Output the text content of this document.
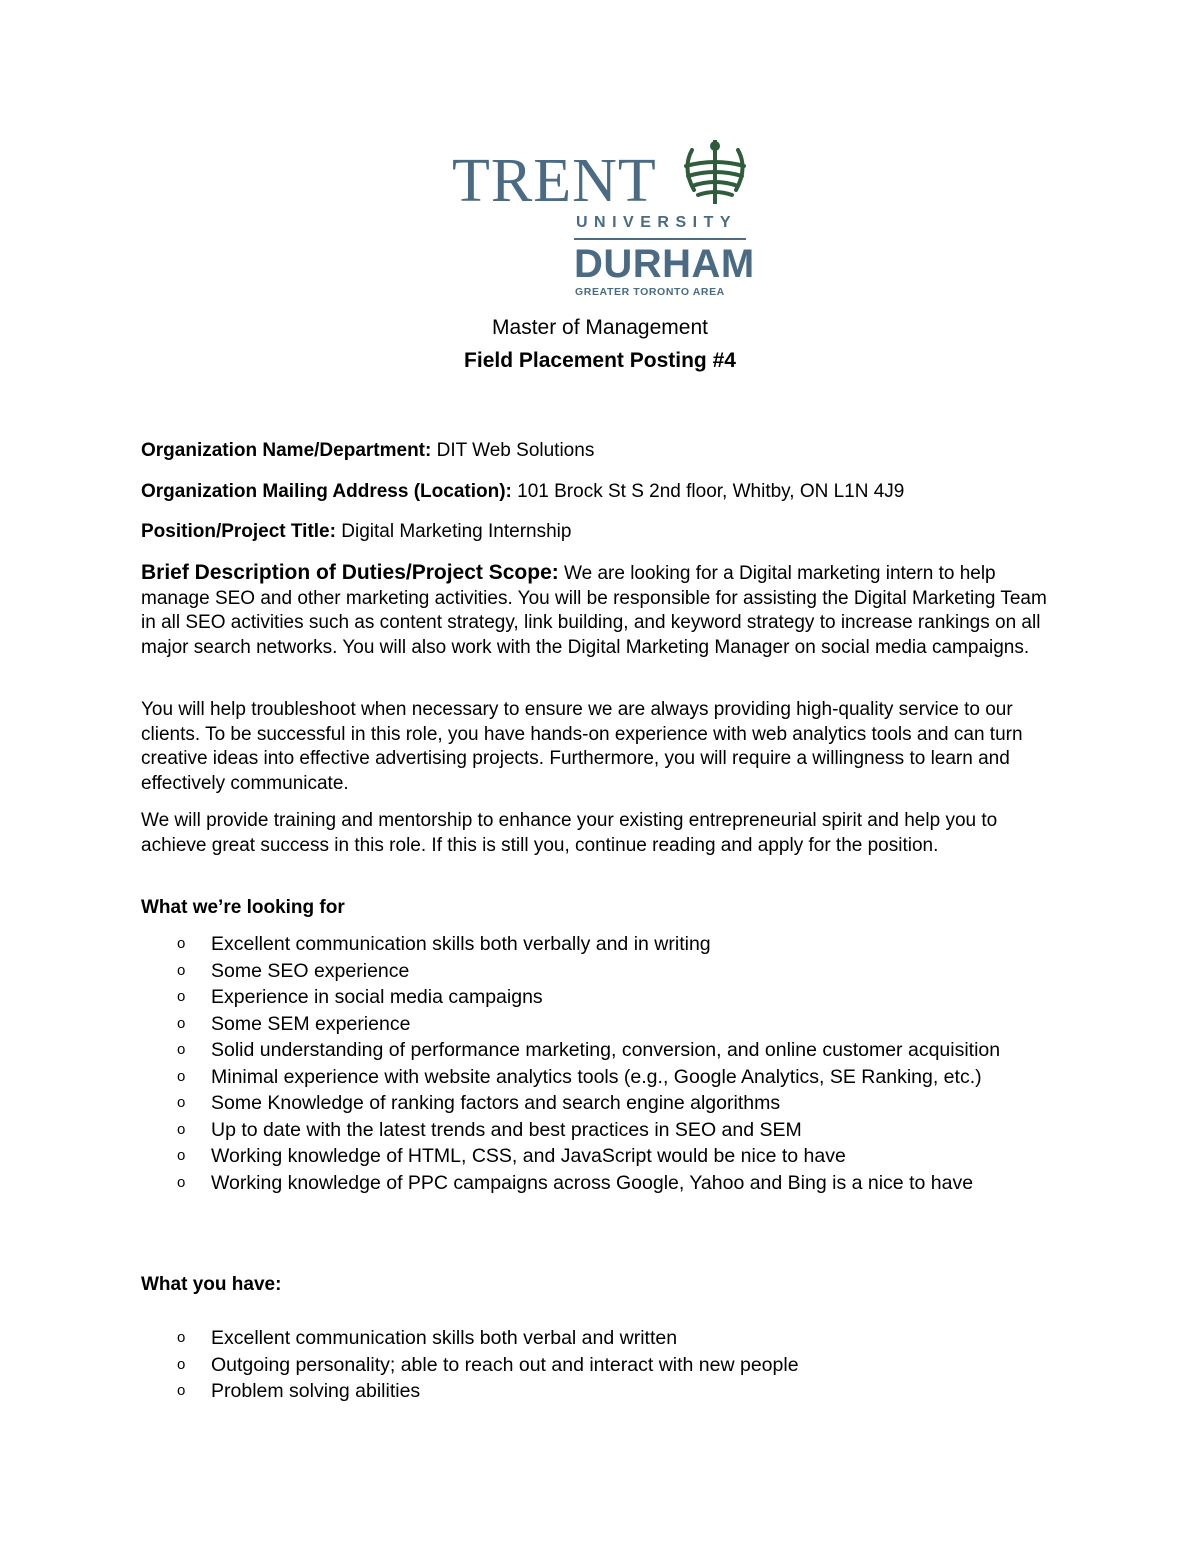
TRENT
UNIVERSITY
DURHAM
GREATER TORONTO AREA
Master of Management
Field Placement Posting #4
Organization Name/Department: DIT Web Solutions
Organization Mailing Address (Location): 101 Brock St S 2nd floor, Whitby, ON L1N 4J9
Position/Project Title: Digital Marketing Internship
Brief Description of Duties/Project Scope: We are looking for a Digital marketing intern to help manage SEO and other marketing activities. You will be responsible for assisting the Digital Marketing Team in all SEO activities such as content strategy, link building, and keyword strategy to increase rankings on all major search networks. You will also work with the Digital Marketing Manager on social media campaigns.
You will help troubleshoot when necessary to ensure we are always providing high-quality service to our clients. To be successful in this role, you have hands-on experience with web analytics tools and can turn creative ideas into effective advertising projects. Furthermore, you will require a willingness to learn and effectively communicate.
We will provide training and mentorship to enhance your existing entrepreneurial spirit and help you to achieve great success in this role. If this is still you, continue reading and apply for the position.
What we’re looking for
o Excellent communication skills both verbally and in writing
o Some SEO experience
o Experience in social media campaigns
o Some SEM experience
o Solid understanding of performance marketing, conversion, and online customer acquisition
o Minimal experience with website analytics tools (e.g., Google Analytics, SE Ranking, etc.)
o Some Knowledge of ranking factors and search engine algorithms
o Up to date with the latest trends and best practices in SEO and SEM
o Working knowledge of HTML, CSS, and JavaScript would be nice to have
o Working knowledge of PPC campaigns across Google, Yahoo and Bing is a nice to have
What you have:
o Excellent communication skills both verbal and written
o Outgoing personality; able to reach out and interact with new people
o Problem solving abilities
